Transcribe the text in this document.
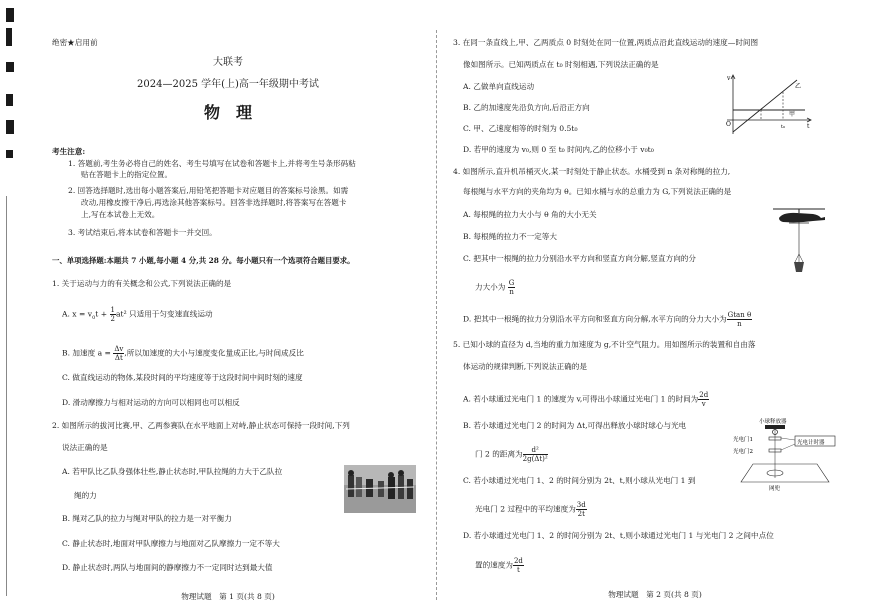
绝密★启用前
大联考
2024—2025 学年(上)高一年级期中考试
物　理
考生注意:
1. 答题前,考生务必将自己的姓名、考生号填写在试卷和答题卡上,并将考生号条形码粘
贴在答题卡上的指定位置。
2. 回答选择题时,选出每小题答案后,用铅笔把答题卡对应题目的答案标号涂黑。如需
改动,用橡皮擦干净后,再选涂其他答案标号。回答非选择题时,将答案写在答题卡
上,写在本试卷上无效。
3. 考试结束后,将本试卷和答题卡一并交回。
一、单项选择题:本题共 7 小题,每小题 4 分,共 28 分。每小题只有一个选项符合题目要求。
1. 关于运动与力的有关概念和公式,下列说法正确的是
A. $x = v_0t + \frac{1}{2} at^2$ 只适用于匀变速直线运动
B. 加速度 $a = \frac{\Delta v}{\Delta t}$ ,所以加速度的大小与速度变化量成正比,与时间成反比
C. 做直线运动的物体,某段时间的平均速度等于这段时间中间时刻的速度
D. 滑动摩擦力与相对运动的方向可以相同也可以相反
2. 如图所示的拔河比赛,甲、乙两参赛队在水平地面上对峙,静止状态可保持一段时间,下列
说法正确的是
A. 若甲队比乙队身强体壮些,静止状态时,甲队拉绳的力大于乙队拉
绳的力
B. 绳对乙队的拉力与绳对甲队的拉力是一对平衡力
C. 静止状态时,地面对甲队摩擦力与地面对乙队摩擦力一定不等大
D. 静止状态时,两队与地面间的静摩擦力不一定同时达到最大值
物理试题　第 1 页(共 8 页)
3. 在同一条直线上,甲、乙两质点 0 时刻处在同一位置,两质点沿此直线运动的速度—时间图
像如图所示。已知两质点在 t₀ 时刻相遇,下列说法正确的是
A. 乙做单向直线运动
B. 乙的加速度先沿负方向,后沿正方向
C. 甲、乙速度相等的时刻为 0.5t₀
D. 若甲的速度为 v₀,则 0 至 t₀ 时间内,乙的位移小于 v₀t₀
v
t
O
甲
乙
t₀
4. 如图所示,直升机吊桶灭火,某一时刻处于静止状态。水桶受到 n 条对称绳的拉力,
每根绳与水平方向的夹角均为 θ。已知水桶与水的总重力为 G,下列说法正确的是
A. 每根绳的拉力大小与 θ 角的大小无关
B. 每根绳的拉力不一定等大
C. 把其中一根绳的拉力分别沿水平方向和竖直方向分解,竖直方向的分
力大小为 $\frac{G}{n}$
D. 把其中一根绳的拉力分别沿水平方向和竖直方向分解,水平方向的分力大小为 $\frac{\text{Gtan θ}}{n}$
5. 已知小球的直径为 d,当地的重力加速度为 g,不计空气阻力。用如图所示的装置和自由落
体运动的规律判断,下列说法正确的是
A. 若小球通过光电门 1 的速度为 v,可得出小球通过光电门 1 的时间为 $\frac{2d}{v}$
B. 若小球通过光电门 2 的时间为 Δt,可得出释放小球时球心与光电
门 2 的距离为 $\frac{\text{d²}}{\text{2g(Δt)²}}$
C. 若小球通过光电门 1、2 的时间分别为 2t、t,则小球从光电门 1 到
光电门 2 过程中的平均速度为 $\frac{3d}{2t}$
D. 若小球通过光电门 1、2 的时间分别为 2t、t,则小球通过光电门 1 与光电门 2 之间中点位
置的速度为 $\frac{2d}{t}$
小球释放器
光电门1
光电门2
光电计时器
网兜
物理试题　第 2 页(共 8 页)
